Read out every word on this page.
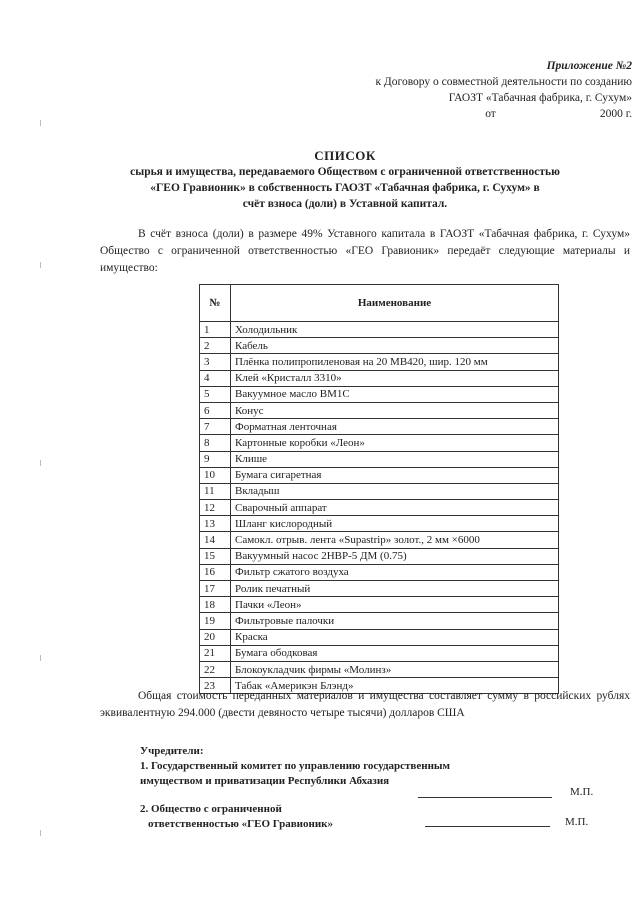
Приложение №2
к Договору о совместной деятельности по созданию
ГАОЗТ «Табачная фабрика, г. Сухум»
от	2000 г.
СПИСОК
сырья и имущества, передаваемого Обществом с ограниченной ответственностью
«ГЕО Гравионик» в собственность ГАОЗТ «Табачная фабрика, г. Сухум» в
счёт взноса (доли) в Уставной капитал.
В счёт взноса (доли) в размере 49% Уставного капитала в ГАОЗТ «Табачная фабрика, г. Сухум» Общество с ограниченной ответственностью «ГЕО Гравионик» передаёт следующие материалы и имущество:
№	Наименование
1	Холодильник
2	Кабель
3	Плёнка полипропиленовая на 20 МВ420, шир. 120 мм
4	Клей «Кристалл 3310»
5	Вакуумное масло ВМ1С
6	Конус
7	Форматная ленточная
8	Картонные коробки «Леон»
9	Клише
10	Бумага сигаретная
11	Вкладыш
12	Сварочный аппарат
13	Шланг кислородный
14	Самокл. отрыв. лента «Supastrip» золот., 2 мм ×6000
15	Вакуумный насос 2НВР-5 ДМ (0.75)
16	Фильтр сжатого воздуха
17	Ролик печатный
18	Пачки «Леон»
19	Фильтровые палочки
20	Краска
21	Бумага ободковая
22	Блокоукладчик фирмы «Молинз»
23	Табак «Америкэн Блэнд»
Общая стоимость переданных материалов и имущества составляет сумму в российских рублях эквивалентную 294.000 (двести девяносто четыре тысячи) долларов США
Учредители:
1. Государственный комитет по управлению государственным
имуществом и приватизации Республики Абхазия
М.П.
2. Общество с ограниченной
ответственностью «ГЕО Гравионик»	М.П.
